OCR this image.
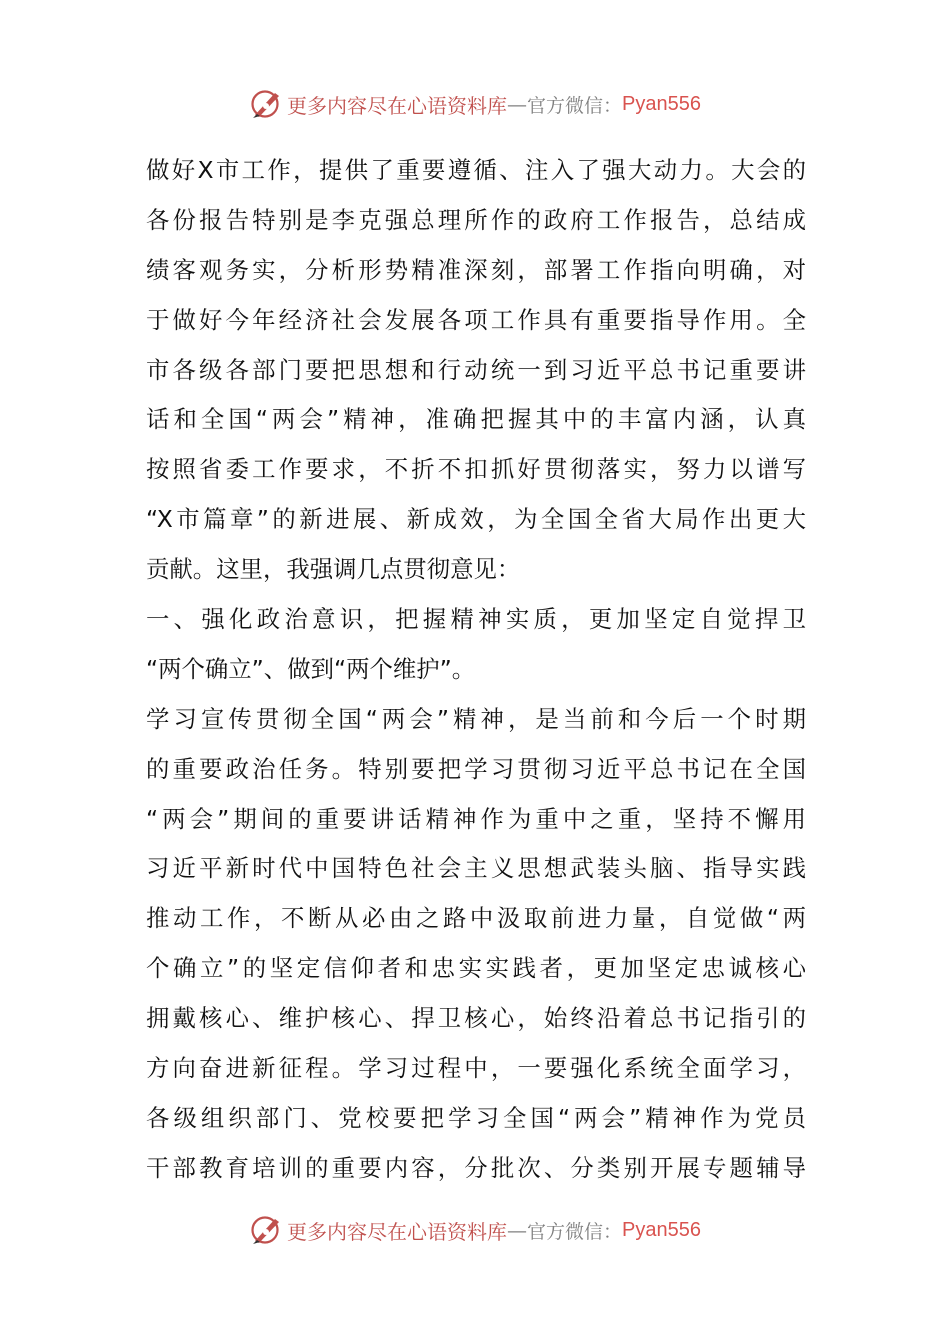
更多内容尽在心语资料库 — 官方微信： Pyan556
做好X市工作，提供了重要遵循、注入了强大动力。大会的
各份报告特别是李克强总理所作的政府工作报告，总结成
绩客观务实，分析形势精准深刻，部署工作指向明确，对
于做好今年经济社会发展各项工作具有重要指导作用。全
市各级各部门要把思想和行动统一到习近平总书记重要讲
话和全国“两会”精神，准确把握其中的丰富内涵，认真
按照省委工作要求，不折不扣抓好贯彻落实，努力以谱写
“X市篇章”的新进展、新成效，为全国全省大局作出更大
贡献。这里，我强调几点贯彻意见：
一、强化政治意识，把握精神实质，更加坚定自觉捍卫
“两个确立”、做到“两个维护”。
学习宣传贯彻全国“两会”精神，是当前和今后一个时期
的重要政治任务。特别要把学习贯彻习近平总书记在全国
“两会”期间的重要讲话精神作为重中之重，坚持不懈用
习近平新时代中国特色社会主义思想武装头脑、指导实践
推动工作，不断从必由之路中汲取前进力量，自觉做“两
个确立”的坚定信仰者和忠实实践者，更加坚定忠诚核心
拥戴核心、维护核心、捍卫核心，始终沿着总书记指引的
方向奋进新征程。学习过程中，一要强化系统全面学习，
各级组织部门、党校要把学习全国“两会”精神作为党员
干部教育培训的重要内容，分批次、分类别开展专题辅导
更多内容尽在心语资料库 — 官方微信： Pyan556
